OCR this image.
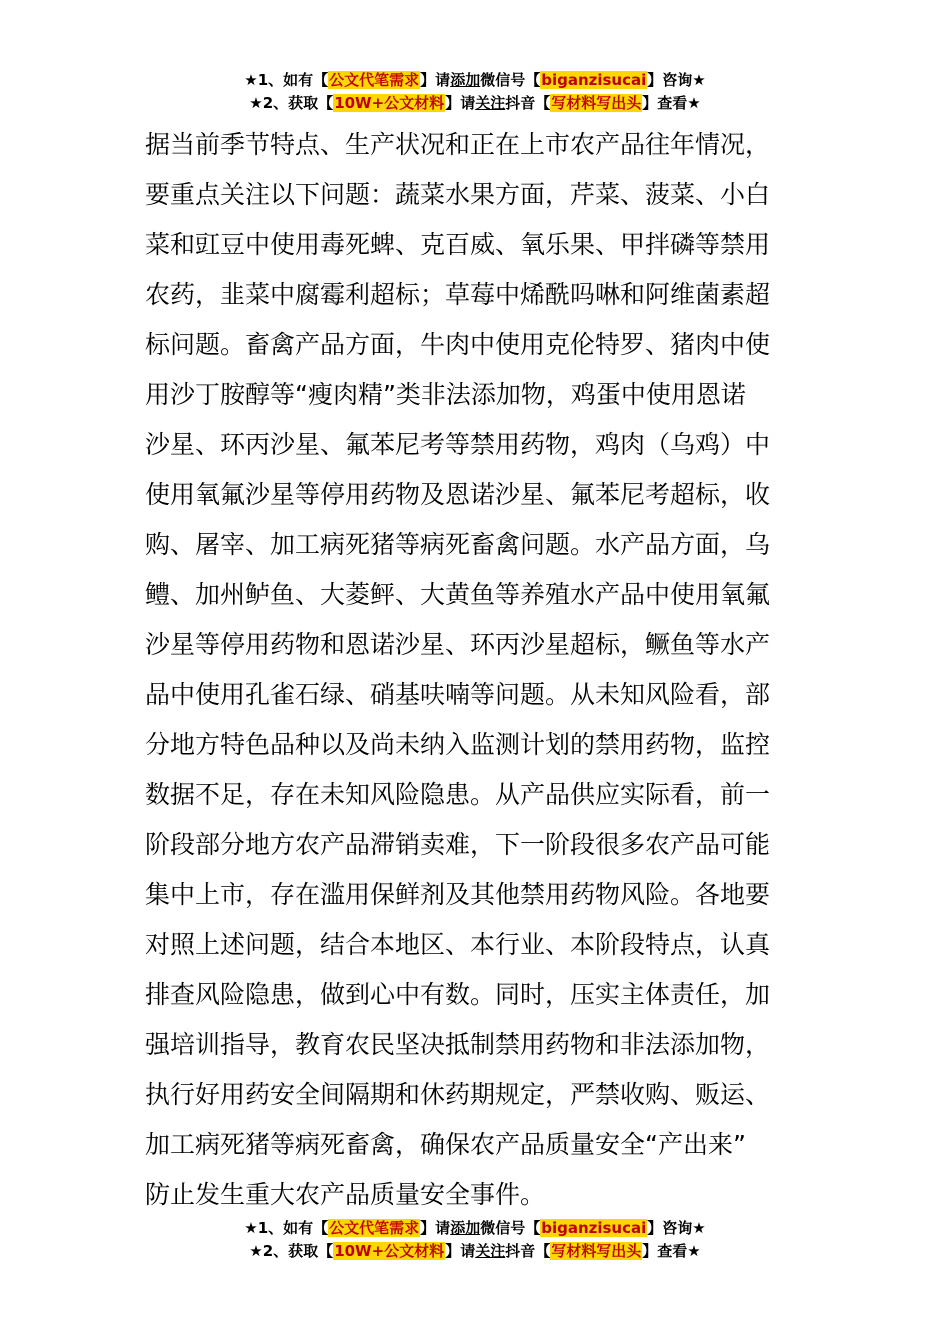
★1、如有【公文代笔需求】请添加微信号【biganzisucai】咨询★
★2、获取【10W+公文材料】请关注抖音【写材料写出头】查看★
据当前季节特点、生产状况和正在上市农产品往年情况，
要重点关注以下问题：蔬菜水果方面，芹菜、菠菜、小白
菜和豇豆中使用毒死蜱、克百威、氧乐果、甲拌磷等禁用
农药，韭菜中腐霉利超标；草莓中烯酰吗啉和阿维菌素超
标问题。畜禽产品方面，牛肉中使用克伦特罗、猪肉中使
用沙丁胺醇等“瘦肉精”类非法添加物，鸡蛋中使用恩诺
沙星、环丙沙星、氟苯尼考等禁用药物，鸡肉（乌鸡）中
使用氧氟沙星等停用药物及恩诺沙星、氟苯尼考超标，收
购、屠宰、加工病死猪等病死畜禽问题。水产品方面，乌
鳢、加州鲈鱼、大菱鲆、大黄鱼等养殖水产品中使用氧氟
沙星等停用药物和恩诺沙星、环丙沙星超标，鳜鱼等水产
品中使用孔雀石绿、硝基呋喃等问题。从未知风险看，部
分地方特色品种以及尚未纳入监测计划的禁用药物，监控
数据不足，存在未知风险隐患。从产品供应实际看，前一
阶段部分地方农产品滞销卖难，下一阶段很多农产品可能
集中上市，存在滥用保鲜剂及其他禁用药物风险。各地要
对照上述问题，结合本地区、本行业、本阶段特点，认真
排查风险隐患，做到心中有数。同时，压实主体责任，加
强培训指导，教育农民坚决抵制禁用药物和非法添加物，
执行好用药安全间隔期和休药期规定，严禁收购、贩运、
加工病死猪等病死畜禽，确保农产品质量安全“产出来”
防止发生重大农产品质量安全事件。
★1、如有【公文代笔需求】请添加微信号【biganzisucai】咨询★
★2、获取【10W+公文材料】请关注抖音【写材料写出头】查看★
